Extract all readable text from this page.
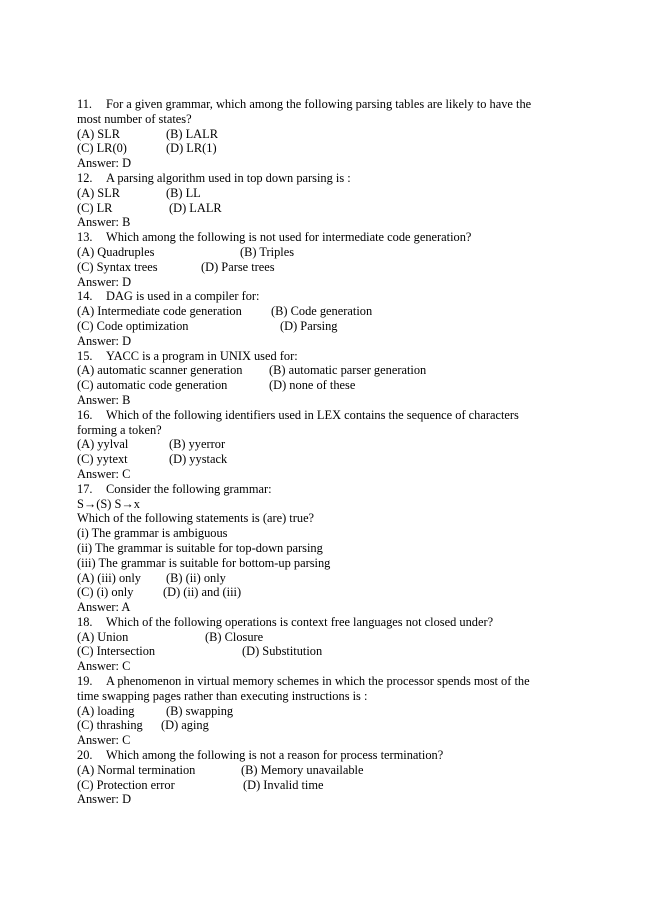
11. For a given grammar, which among the following parsing tables are likely to have the
most number of states?
(A) SLR	(B) LALR
(C) LR(0)	(D) LR(1)
Answer: D
12. A parsing algorithm used in top down parsing is :
(A) SLR	(B) LL
(C) LR	(D) LALR
Answer: B
13. Which among the following is not used for intermediate code generation?
(A) Quadruples	(B) Triples
(C) Syntax trees	(D) Parse trees
Answer: D
14. DAG is used in a compiler for:
(A) Intermediate code generation (B) Code generation
(C) Code optimization	(D) Parsing
Answer: D
15. YACC is a program in UNIX used for:
(A) automatic scanner generation (B) automatic parser generation
(C) automatic code generation	(D) none of these
Answer: B
16. Which of the following identifiers used in LEX contains the sequence of characters
forming a token?
(A) yylval	(B) yyerror
(C) yytext	(D) yystack
Answer: C
17. Consider the following grammar:
S→(S) S→x
Which of the following statements is (are) true?
(i) The grammar is ambiguous
(ii) The grammar is suitable for top-down parsing
(iii) The grammar is suitable for bottom-up parsing
(A) (iii) only (B) (ii) only
(C) (i) only (D) (ii) and (iii)
Answer: A
18. Which of the following operations is context free languages not closed under?
(A) Union	(B) Closure
(C) Intersection	(D) Substitution
Answer: C
19. A phenomenon in virtual memory schemes in which the processor spends most of the
time swapping pages rather than executing instructions is :
(A) loading	(B) swapping
(C) thrashing (D) aging
Answer: C
20. Which among the following is not a reason for process termination?
(A) Normal termination	(B) Memory unavailable
(C) Protection error	(D) Invalid time
Answer: D
